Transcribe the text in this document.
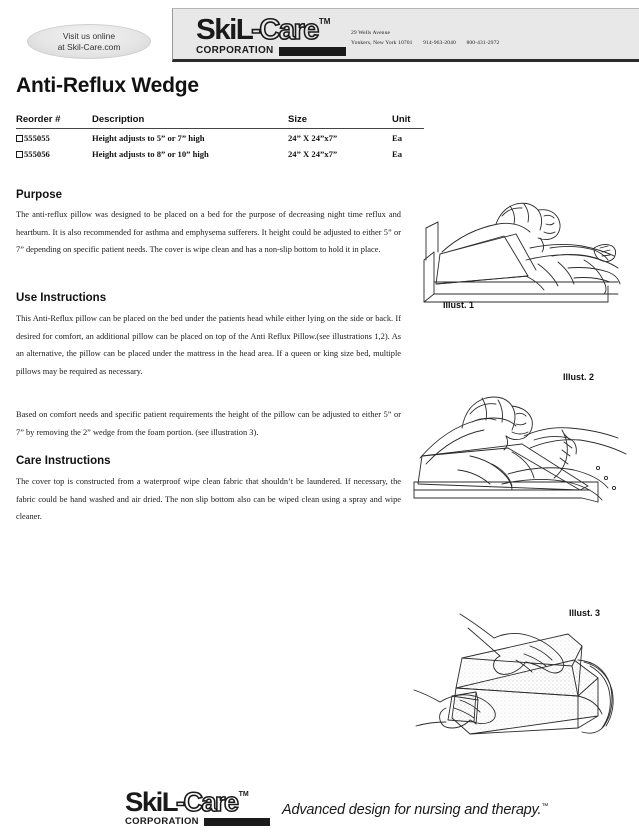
Visit us online
at Skil-Care.com
SkiL
-Care TM
CORPORATION
29 Wells Avenue
Yonkers, New York 10701 914-963-2040 800-431-2972
Anti-Reflux Wedge
Reorder #	Description	Size	Unit
555055	Height adjusts to 5” or 7” high	24” X 24”x7”	Ea
555056	Height adjusts to 8” or 10” high	24” X 24”x7”	Ea
Purpose
The anti-reflux pillow was designed to be placed on a bed for the purpose of decreasing night time reflux and heartburn. It is also recommended for asthma and emphysema sufferers. It height could be adjusted to either 5” or 7” depending on specific patient needs. The cover is wipe clean and has a non-slip bottom to hold it in place.
Use Instructions
This Anti-Reflux pillow can be placed on the bed under the patients head while either lying on the side or back. If desired for comfort, an additional pillow can be placed on top of the Anti Reflux Pillow.(see illustrations 1,2). As an alternative, the pillow can be placed under the mattress in the head area. If a queen or king size bed, multiple pillows may be required as necessary.
Based on comfort needs and specific patient requirements the height of the pillow can be adjusted to either 5” or 7” by removing the 2” wedge from the foam portion. (see illustration 3).
Care Instructions
The cover top is constructed from a waterproof wipe clean fabric that shouldn’t be laundered. If necessary, the fabric could be hand washed and air dried. The non slip bottom also can be wiped clean using a spray and wipe cleaner.
Illust. 1
Illust. 2
Illust. 3
SkiL
-Care TM
CORPORATION
Advanced design for nursing and therapy.™
